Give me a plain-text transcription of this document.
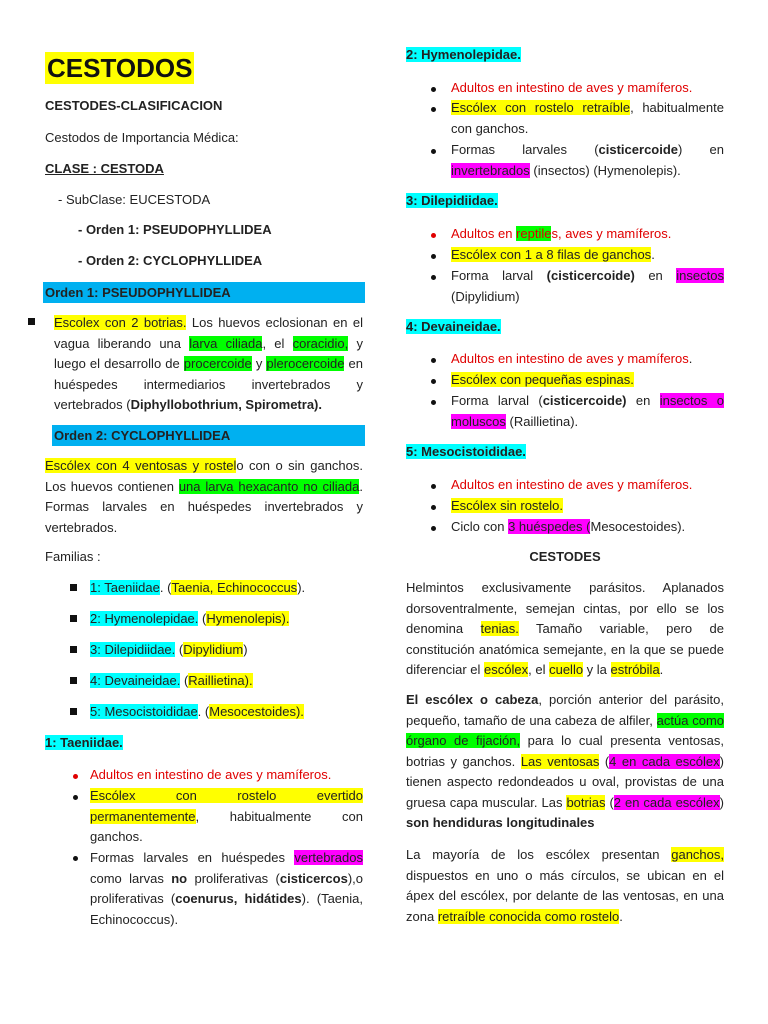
CESTODOS
CESTODES-CLASIFICACION
Cestodos de Importancia Médica:
CLASE : CESTODA
- SubClase: EUCESTODA
- Orden 1: PSEUDOPHYLLIDEA
- Orden 2: CYCLOPHYLLIDEA
Orden 1: PSEUDOPHYLLIDEA
Escolex con 2 botrias. Los huevos eclosionan en el vagua liberando una larva ciliada, el coracidio, y luego el desarrollo de procercoide y plerocercoide en huéspedes intermediarios invertebrados y vertebrados (Diphyllobothrium, Spirometra).
Orden 2: CYCLOPHYLLIDEA
Escólex con 4 ventosas y rostelo con o sin ganchos. Los huevos contienen una larva hexacanto no ciliada. Formas larvales en huéspedes invertebrados y vertebrados.
Familias :
1: Taeniidae. (Taenia, Echinococcus).
2: Hymenolepidae. (Hymenolepis).
3: Dilepidiidae. (Dipylidium)
4: Devaineidae. (Raillietina).
5: Mesocistoididae. (Mesocestoides).
1: Taeniidae.
Adultos en intestino de aves y mamíferos.
Escólex con rostelo evertido permanentemente, habitualmente con ganchos.
Formas larvales en huéspedes vertebrados como larvas no proliferativas (cisticercos),o proliferativas (coenurus, hidátides). (Taenia, Echinococcus).
2: Hymenolepidae.
Adultos en intestino de aves y mamíferos.
Escólex con rostelo retraíble, habitualmente con ganchos.
Formas larvales (cisticercoide) en invertebrados (insectos) (Hymenolepis).
3: Dilepidiidae.
Adultos en reptiles, aves y mamíferos.
Escólex con 1 a 8 filas de ganchos.
Forma larval (cisticercoide) en insectos (Dipylidium)
4: Devaineidae.
Adultos en intestino de aves y mamíferos.
Escólex con pequeñas espinas.
Forma larval (cisticercoide) en insectos o moluscos (Raillietina).
5: Mesocistoididae.
Adultos en intestino de aves y mamíferos.
Escólex sin rostelo.
Ciclo con 3 huéspedes (Mesocestoides).
CESTODES
Helmintos exclusivamente parásitos. Aplanados dorsoventralmente, semejan cintas, por ello se los denomina tenias. Tamaño variable, pero de constitución anatómica semejante, en la que se puede diferenciar el escólex, el cuello y la estróbila.
El escólex o cabeza, porción anterior del parásito, pequeño, tamaño de una cabeza de alfiler, actúa como órgano de fijación, para lo cual presenta ventosas, botrias y ganchos. Las ventosas (4 en cada escólex) tienen aspecto redondeados u oval, provistas de una gruesa capa muscular. Las botrias (2 en cada escólex) son hendiduras longitudinales
La mayoría de los escólex presentan ganchos, dispuestos en uno o más círculos, se ubican en el ápex del escólex, por delante de las ventosas, en una zona retraíble conocida como rostelo.
